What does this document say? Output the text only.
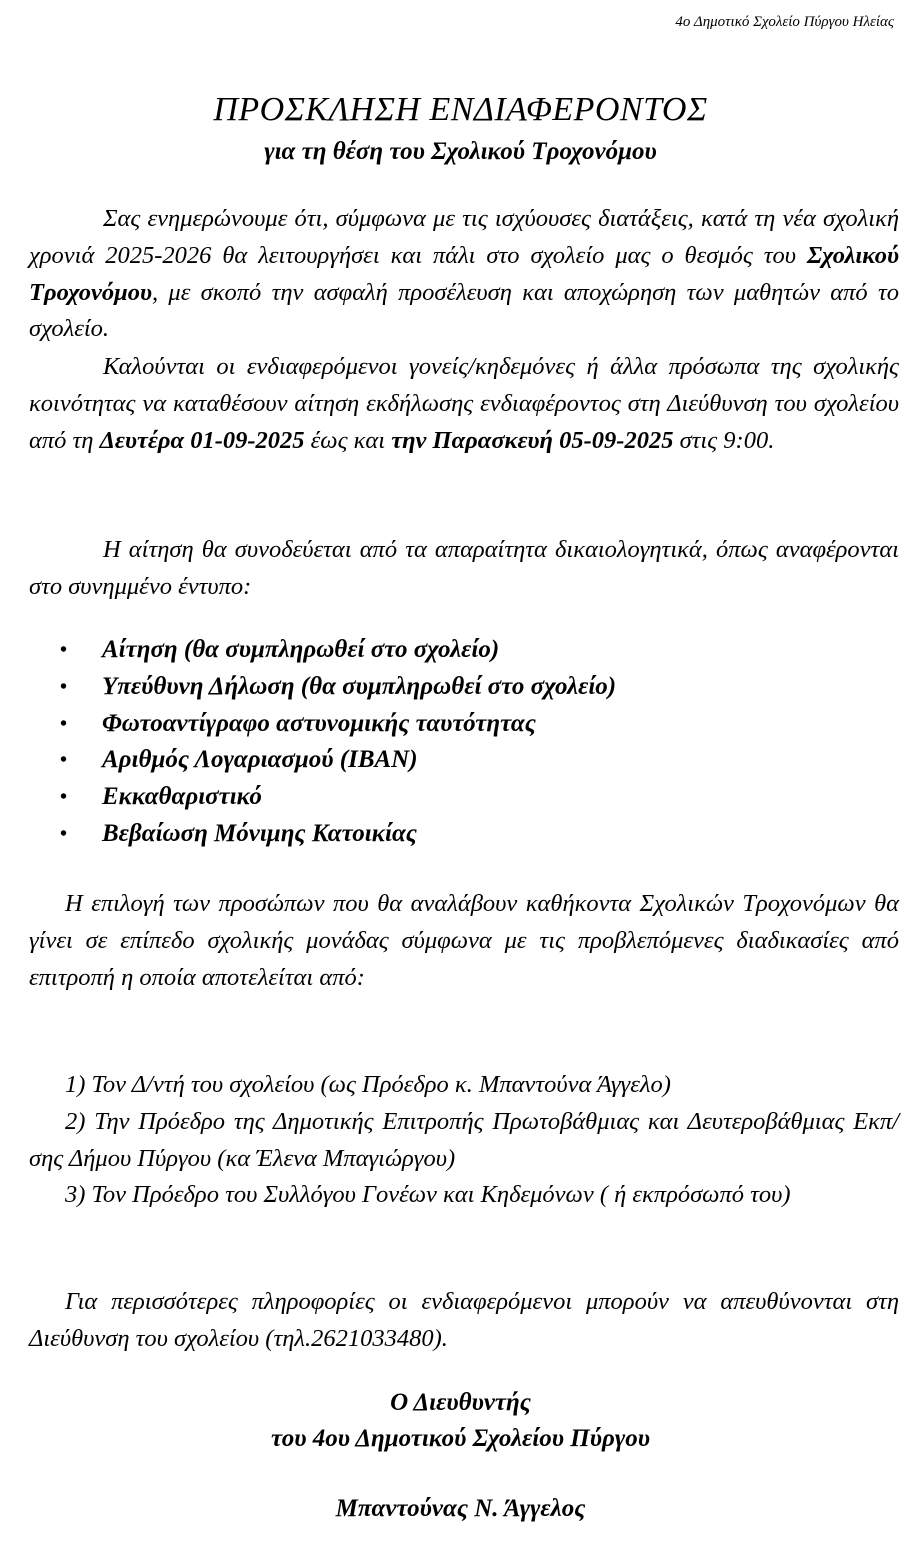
4ο Δημοτικό Σχολείο Πύργου Ηλείας
ΠΡΟΣΚΛΗΣΗ ΕΝΔΙΑΦΕΡΟΝΤΟΣ
για τη θέση του Σχολικού Τροχονόμου
Σας ενημερώνουμε ότι, σύμφωνα με τις ισχύουσες διατάξεις, κατά τη νέα σχολική χρονιά 2025-2026 θα λειτουργήσει και πάλι στο σχολείο μας ο θεσμός του Σχολικού Τροχονόμου, με σκοπό την ασφαλή προσέλευση και αποχώρηση των μαθητών από το σχολείο.
Καλούνται οι ενδιαφερόμενοι γονείς/κηδεμόνες ή άλλα πρόσωπα της σχολικής κοινότητας να καταθέσουν αίτηση εκδήλωσης ενδιαφέροντος στη Διεύθυνση του σχολείου από τη Δευτέρα 01-09-2025 έως και την Παρασκευή 05-09-2025 στις 9:00.
Η αίτηση θα συνοδεύεται από τα απαραίτητα δικαιολογητικά, όπως αναφέρονται στο συνημμένο έντυπο:
• Αίτηση (θα συμπληρωθεί στο σχολείο)
• Υπεύθυνη Δήλωση (θα συμπληρωθεί στο σχολείο)
• Φωτοαντίγραφο αστυνομικής ταυτότητας
• Αριθμός Λογαριασμού (IBAN)
• Εκκαθαριστικό
• Βεβαίωση Μόνιμης Κατοικίας
Η επιλογή των προσώπων που θα αναλάβουν καθήκοντα Σχολικών Τροχονόμων θα γίνει σε επίπεδο σχολικής μονάδας σύμφωνα με τις προβλεπόμενες διαδικασίες από επιτροπή η οποία αποτελείται από:
1) Τον Δ/ντή του σχολείου (ως Πρόεδρο κ. Μπαντούνα Άγγελο)
2) Την Πρόεδρο της Δημοτικής Επιτροπής Πρωτοβάθμιας και Δευτεροβάθμιας Εκπ/σης Δήμου Πύργου (κα Έλενα Μπαγιώργου)
3) Τον Πρόεδρο του Συλλόγου Γονέων και Κηδεμόνων ( ή εκπρόσωπό του)
Για περισσότερες πληροφορίες οι ενδιαφερόμενοι μπορούν να απευθύνονται στη Διεύθυνση του σχολείου (τηλ.2621033480).
Ο Διευθυντής
του 4ου Δημοτικού Σχολείου Πύργου
Μπαντούνας Ν. Άγγελος
